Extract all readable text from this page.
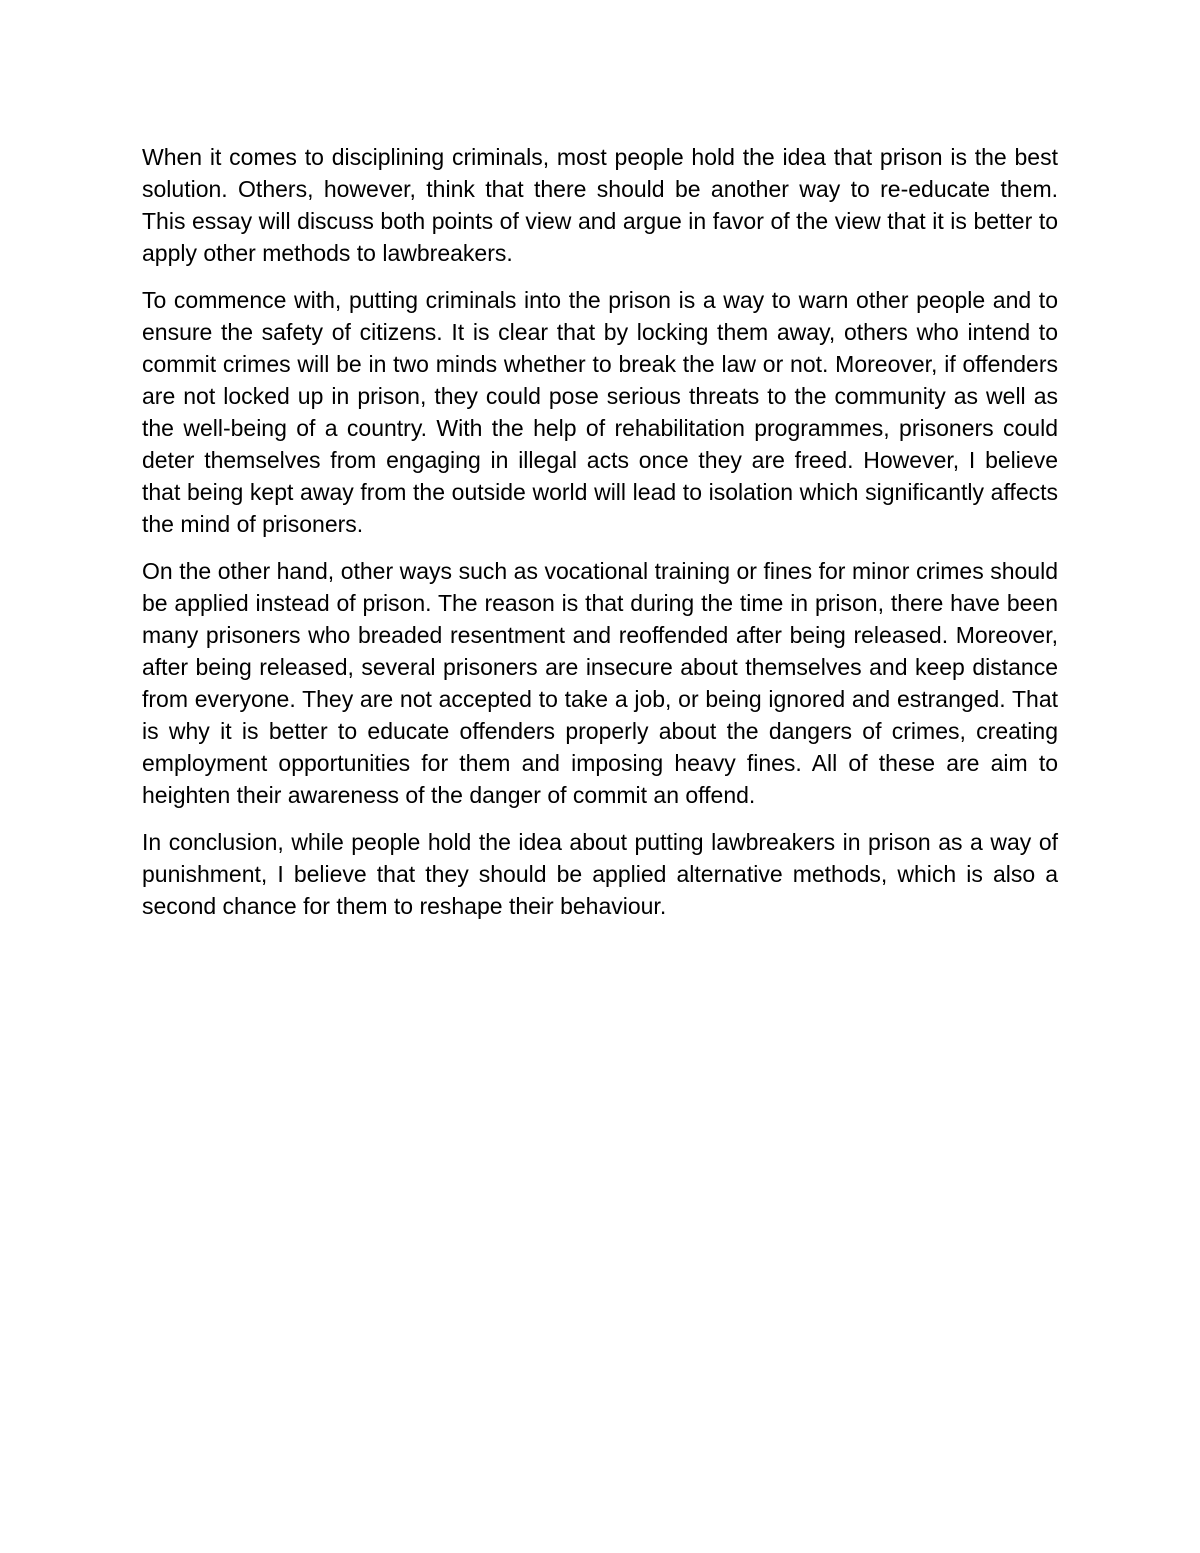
When it comes to disciplining criminals, most people hold the idea that prison is the best solution. Others, however, think that there should be another way to re-educate them. This essay will discuss both points of view and argue in favor of the view that it is better to apply other methods to lawbreakers.

To commence with, putting criminals into the prison is a way to warn other people and to ensure the safety of citizens. It is clear that by locking them away, others who intend to commit crimes will be in two minds whether to break the law or not. Moreover, if offenders are not locked up in prison, they could pose serious threats to the community as well as the well-being of a country. With the help of rehabilitation programmes, prisoners could deter themselves from engaging in illegal acts once they are freed. However, I believe that being kept away from the outside world will lead to isolation which significantly affects the mind of prisoners.

On the other hand, other ways such as vocational training or fines for minor crimes should be applied instead of prison. The reason is that during the time in prison, there have been many prisoners who breaded resentment and reoffended after being released. Moreover, after being released, several prisoners are insecure about themselves and keep distance from everyone. They are not accepted to take a job, or being ignored and estranged. That is why it is better to educate offenders properly about the dangers of crimes, creating employment opportunities for them and imposing heavy fines. All of these are aim to heighten their awareness of the danger of commit an offend.

In conclusion, while people hold the idea about putting lawbreakers in prison as a way of punishment, I believe that they should be applied alternative methods, which is also a second chance for them to reshape their behaviour.
